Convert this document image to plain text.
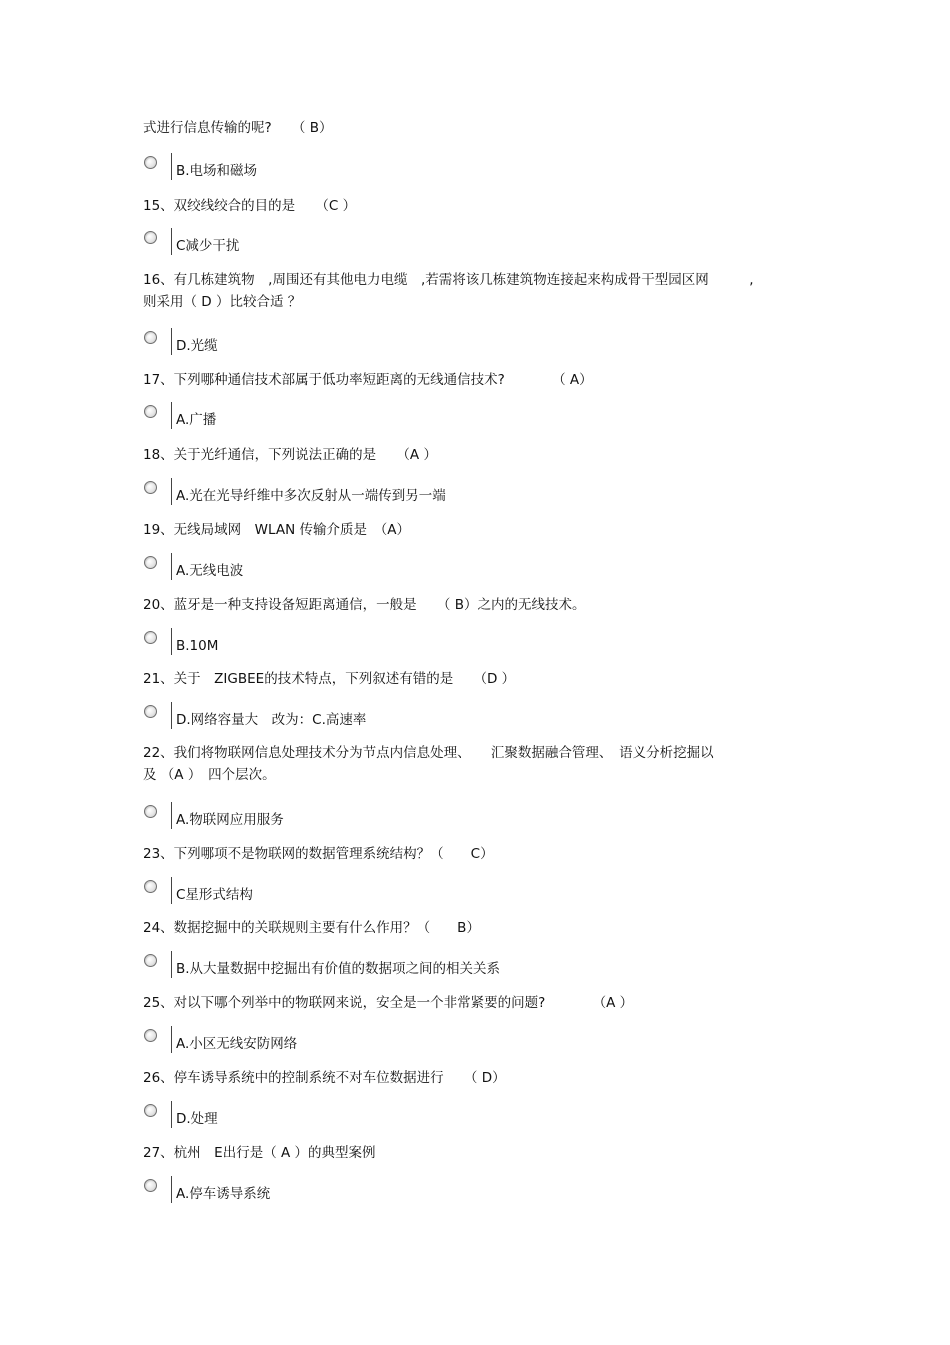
式进行信息传输的呢?　　（ B）
B.电场和磁场
15、双绞线绞合的目的是　　（C ）
C减少干扰
16、有几栋建筑物　,周围还有其他电力电缆　,若需将该几栋建筑物连接起来构成骨干型园区网　　　,
则采用（ D ）比较合适 ？
D.光缆
17、下列哪种通信技术部属于低功率短距离的无线通信技术?　　　　（ A）
A.广播
18、关于光纤通信，下列说法正确的是　　（A ）
A.光在光导纤维中多次反射从一端传到另一端
19、无线局域网　WLAN 传输介质是　（A）
A.无线电波
20、蓝牙是一种支持设备短距离通信，一般是　　（ B）之内的无线技术。
B.10M
21、关于　ZIGBEE的技术特点，下列叙述有错的是　　（D ）
D.网络容量大　改为：C.高速率
22、我们将物联网信息处理技术分为节点内信息处理、　　汇聚数据融合管理、　语义分析挖掘以
及 （A ）　四个层次。
A.物联网应用服务
23、下列哪项不是物联网的数据管理系统结构？（　　C）
C星形式结构
24、数据挖掘中的关联规则主要有什么作用？（　　B）
B.从大量数据中挖掘出有价值的数据项之间的相关关系
25、对以下哪个列举中的物联网来说，安全是一个非常紧要的问题?　　　　（A ）
A.小区无线安防网络
26、停车诱导系统中的控制系统不对车位数据进行　　（ D）
D.处理
27、杭州　E出行是（ A ）的典型案例
A.停车诱导系统
